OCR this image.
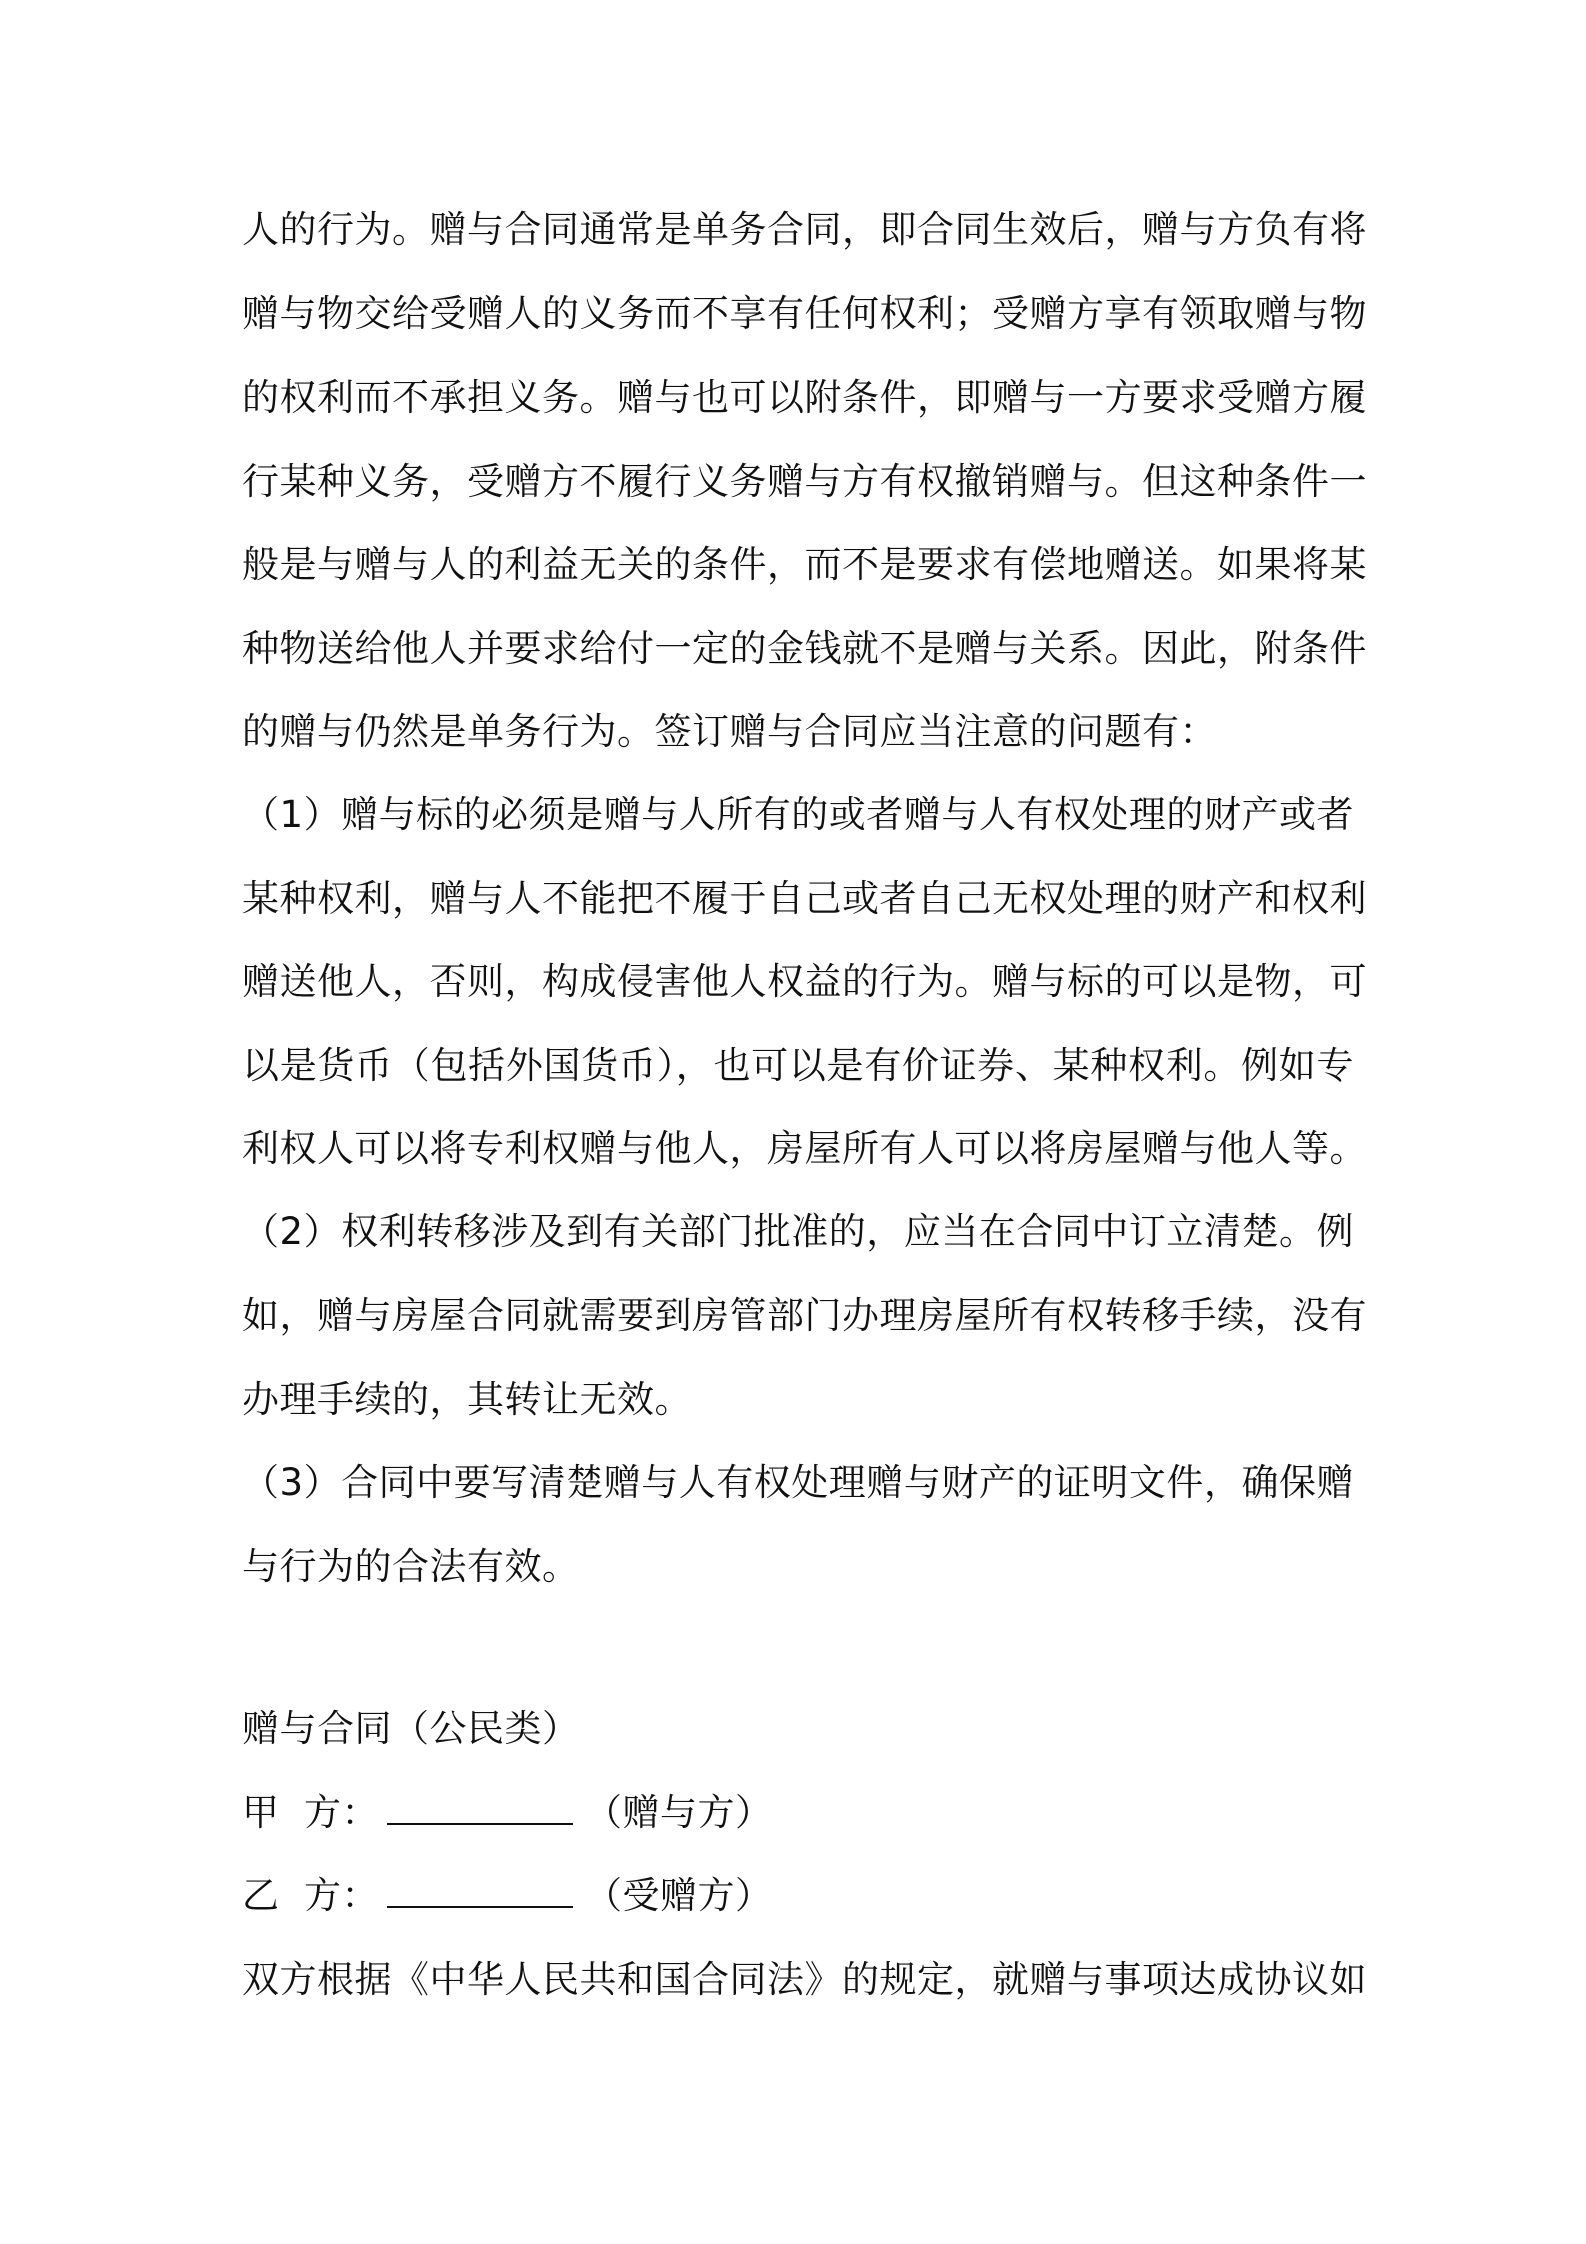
人的行为。赠与合同通常是单务合同，即合同生效后，赠与方负有将
赠与物交给受赠人的义务而不享有任何权利；受赠方享有领取赠与物
的权利而不承担义务。赠与也可以附条件，即赠与一方要求受赠方履
行某种义务，受赠方不履行义务赠与方有权撤销赠与。但这种条件一
般是与赠与人的利益无关的条件，而不是要求有偿地赠送。如果将某
种物送给他人并要求给付一定的金钱就不是赠与关系。因此，附条件
的赠与仍然是单务行为。签订赠与合同应当注意的问题有：
（1）赠与标的必须是赠与人所有的或者赠与人有权处理的财产或者
某种权利，赠与人不能把不履于自己或者自己无权处理的财产和权利
赠送他人，否则，构成侵害他人权益的行为。赠与标的可以是物，可
以是货币（包括外国货币），也可以是有价证券、某种权利。例如专
利权人可以将专利权赠与他人，房屋所有人可以将房屋赠与他人等。
（2）权利转移涉及到有关部门批准的，应当在合同中订立清楚。例
如，赠与房屋合同就需要到房管部门办理房屋所有权转移手续，没有
办理手续的，其转让无效。
（3）合同中要写清楚赠与人有权处理赠与财产的证明文件，确保赠
与行为的合法有效。
赠与合同（公民类）
甲  方：	（赠与方）
乙  方：	（受赠方）
双方根据《中华人民共和国合同法》的规定，就赠与事项达成协议如
